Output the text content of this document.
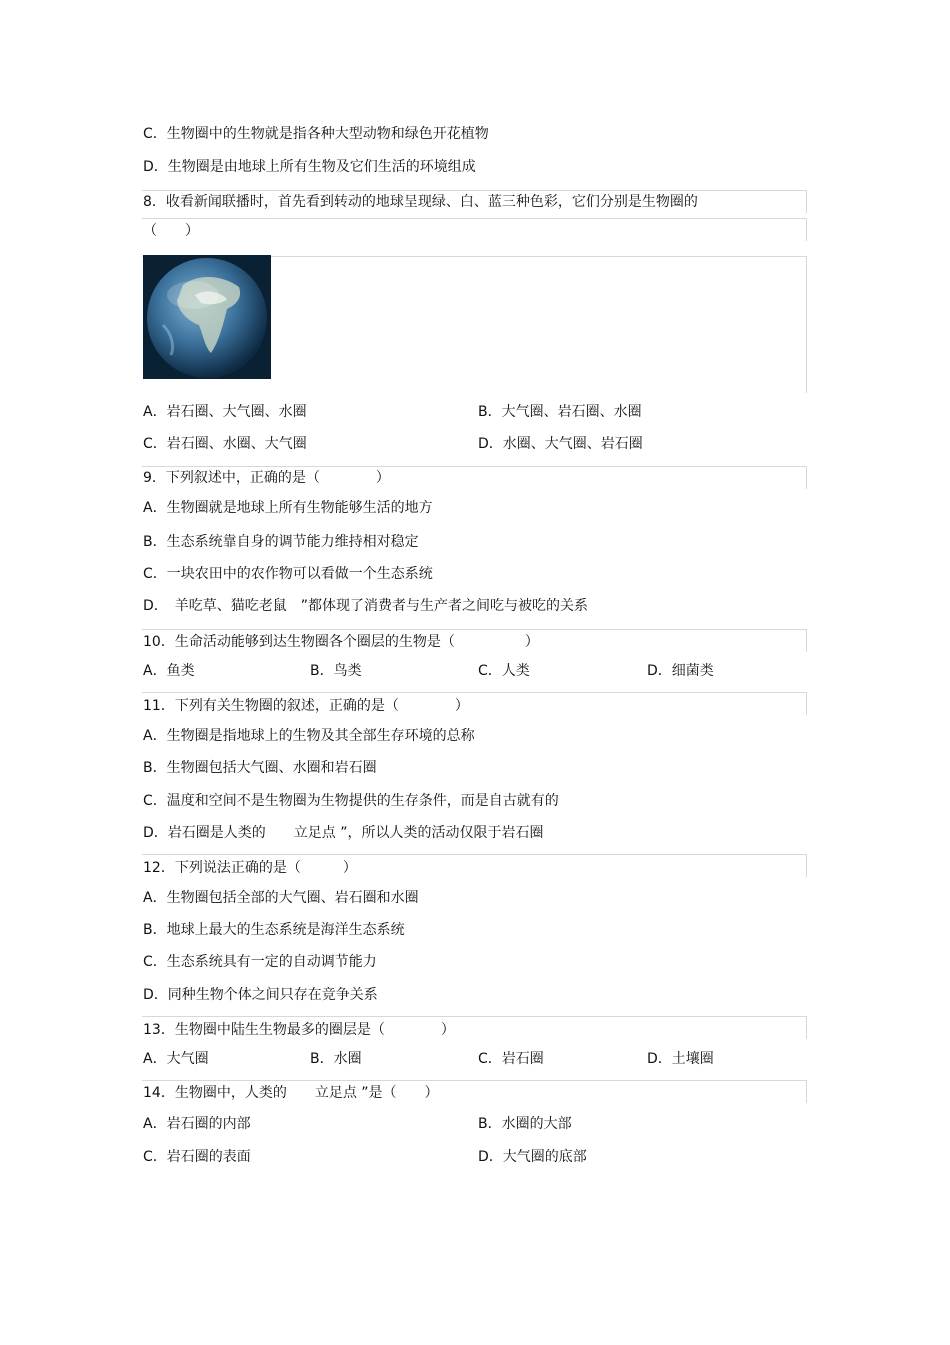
C．生物圈中的生物就是指各种大型动物和绿色开花植物
D．生物圈是由地球上所有生物及它们生活的环境组成
8．收看新闻联播时，首先看到转动的地球呈现绿、白、蓝三种色彩，它们分别是生物圈的
（　　）
A．岩石圈、大气圈、水圈	B．大气圈、岩石圈、水圈
C．岩石圈、水圈、大气圈	D．水圈、大气圈、岩石圈
9．下列叙述中，正确的是（　　　　）
A．生物圈就是地球上所有生物能够生活的地方
B．生态系统靠自身的调节能力维持相对稳定
C．一块农田中的农作物可以看做一个生态系统
D．　羊吃草、猫吃老鼠　”都体现了消费者与生产者之间吃与被吃的关系
10．生命活动能够到达生物圈各个圈层的生物是（　　　　　）
A．鱼类	B．鸟类	C．人类	D．细菌类
11．下列有关生物圈的叙述，正确的是（　　　　）
A．生物圈是指地球上的生物及其全部生存环境的总称
B．生物圈包括大气圈、水圈和岩石圈
C．温度和空间不是生物圈为生物提供的生存条件，而是自古就有的
D．岩石圈是人类的　　立足点 ”，所以人类的活动仅限于岩石圈
12．下列说法正确的是（　　　）
A．生物圈包括全部的大气圈、岩石圈和水圈
B．地球上最大的生态系统是海洋生态系统
C．生态系统具有一定的自动调节能力
D．同种生物个体之间只存在竞争关系
13．生物圈中陆生生物最多的圈层是（　　　　）
A．大气圈	B．水圈	C．岩石圈	D．土壤圈
14．生物圈中，人类的　　立足点 ”是（　　）
A．岩石圈的内部	B．水圈的大部
C．岩石圈的表面	D．大气圈的底部
